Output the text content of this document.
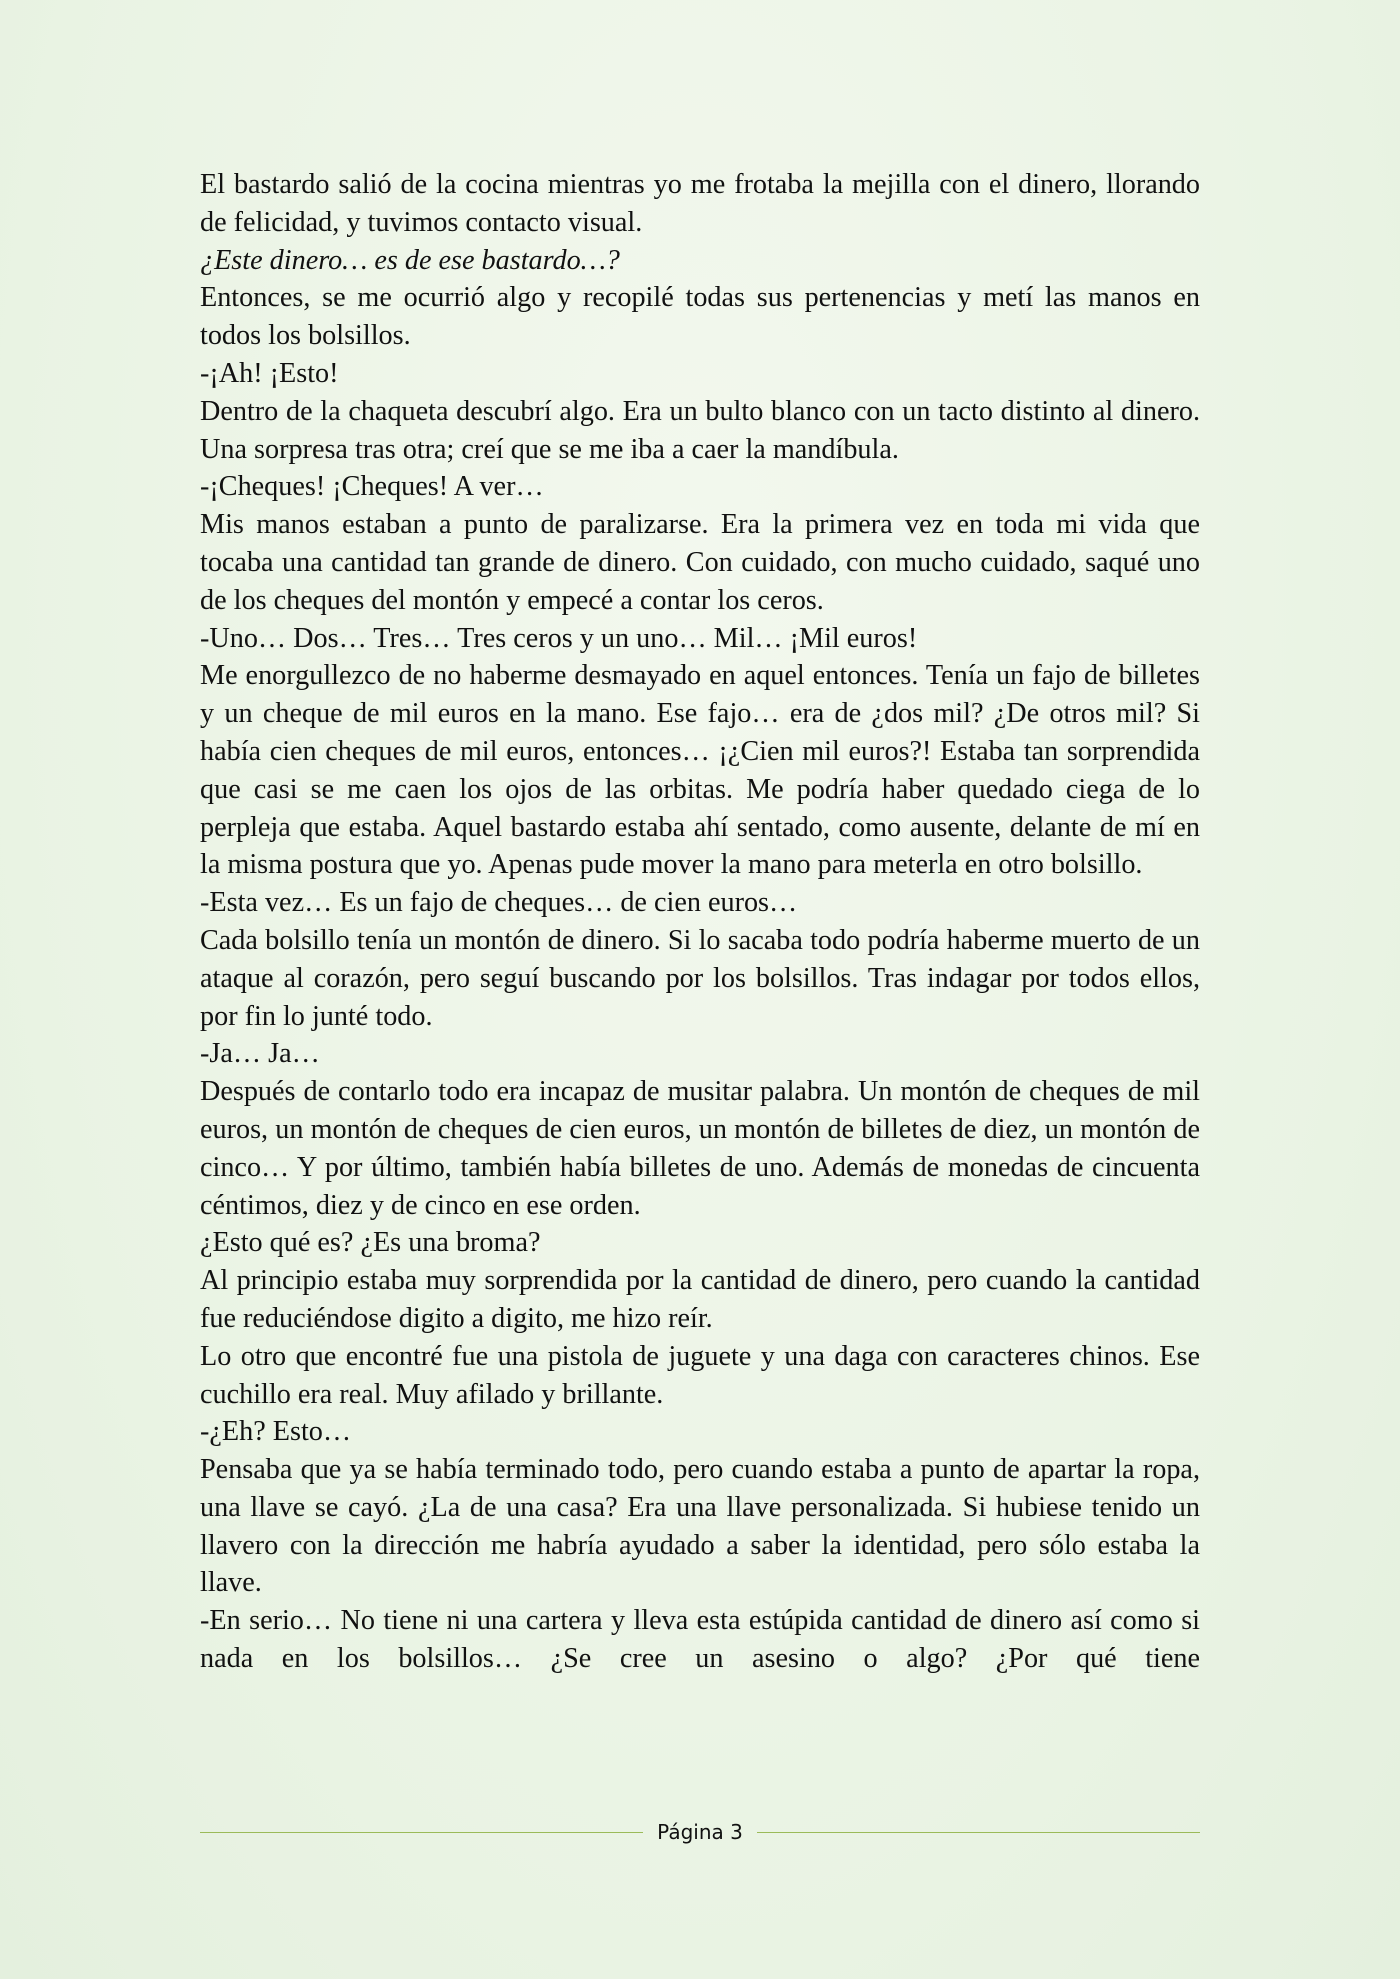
El bastardo salió de la cocina mientras yo me frotaba la mejilla con el dinero, llorando de felicidad, y tuvimos contacto visual.

¿Este dinero… es de ese bastardo…?

Entonces, se me ocurrió algo y recopilé todas sus pertenencias y metí las manos en todos los bolsillos.

-¡Ah! ¡Esto!

Dentro de la chaqueta descubrí algo. Era un bulto blanco con un tacto distinto al dinero. Una sorpresa tras otra; creí que se me iba a caer la mandíbula.

-¡Cheques! ¡Cheques! A ver…

Mis manos estaban a punto de paralizarse. Era la primera vez en toda mi vida que tocaba una cantidad tan grande de dinero. Con cuidado, con mucho cuidado, saqué uno de los cheques del montón y empecé a contar los ceros.

-Uno… Dos… Tres… Tres ceros y un uno… Mil… ¡Mil euros!

Me enorgullezco de no haberme desmayado en aquel entonces. Tenía un fajo de billetes y un cheque de mil euros en la mano. Ese fajo… era de ¿dos mil? ¿De otros mil? Si había cien cheques de mil euros, entonces… ¡¿Cien mil euros?! Estaba tan sorprendida que casi se me caen los ojos de las orbitas. Me podría haber quedado ciega de lo perpleja que estaba. Aquel bastardo estaba ahí sentado, como ausente, delante de mí en la misma postura que yo. Apenas pude mover la mano para meterla en otro bolsillo.

-Esta vez… Es un fajo de cheques… de cien euros…

Cada bolsillo tenía un montón de dinero. Si lo sacaba todo podría haberme muerto de un ataque al corazón, pero seguí buscando por los bolsillos. Tras indagar por todos ellos, por fin lo junté todo.

-Ja… Ja…

Después de contarlo todo era incapaz de musitar palabra. Un montón de cheques de mil euros, un montón de cheques de cien euros, un montón de billetes de diez, un montón de cinco… Y por último, también había billetes de uno. Además de monedas de cincuenta céntimos, diez y de cinco en ese orden.

¿Esto qué es? ¿Es una broma?

Al principio estaba muy sorprendida por la cantidad de dinero, pero cuando la cantidad fue reduciéndose digito a digito, me hizo reír.

Lo otro que encontré fue una pistola de juguete y una daga con caracteres chinos. Ese cuchillo era real. Muy afilado y brillante.

-¿Eh? Esto…

Pensaba que ya se había terminado todo, pero cuando estaba a punto de apartar la ropa, una llave se cayó. ¿La de una casa? Era una llave personalizada. Si hubiese tenido un llavero con la dirección me habría ayudado a saber la identidad, pero sólo estaba la llave.

-En serio… No tiene ni una cartera y lleva esta estúpida cantidad de dinero así como si nada en los bolsillos… ¿Se cree un asesino o algo? ¿Por qué tiene

Página 3
